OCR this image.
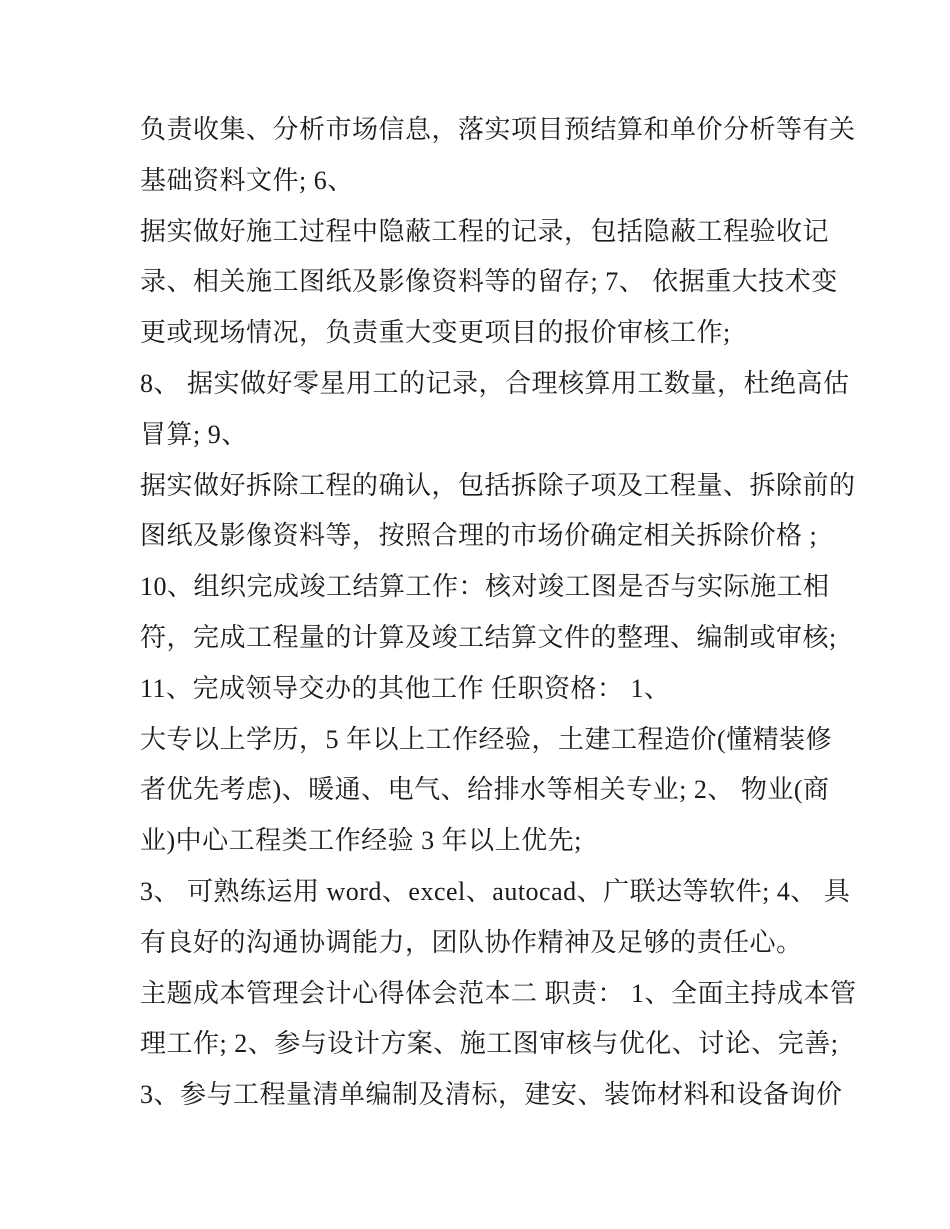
负责收集、分析市场信息，落实项目预结算和单价分析等有关
基础资料文件; 6、
据实做好施工过程中隐蔽工程的记录，包括隐蔽工程验收记
录、相关施工图纸及影像资料等的留存; 7、 依据重大技术变
更或现场情况，负责重大变更项目的报价审核工作;
8、 据实做好零星用工的记录，合理核算用工数量，杜绝高估
冒算; 9、
据实做好拆除工程的确认，包括拆除子项及工程量、拆除前的
图纸及影像资料等，按照合理的市场价确定相关拆除价格 ;
10、组织完成竣工结算工作：核对竣工图是否与实际施工相
符，完成工程量的计算及竣工结算文件的整理、编制或审核;
11、完成领导交办的其他工作 任职资格： 1、
大专以上学历，5 年以上工作经验，土建工程造价(懂精装修
者优先考虑)、暖通、电气、给排水等相关专业; 2、 物业(商
业)中心工程类工作经验 3 年以上优先;
3、 可熟练运用 word、excel、autocad、广联达等软件; 4、 具
有良好的沟通协调能力，团队协作精神及足够的责任心。
主题成本管理会计心得体会范本二 职责： 1、全面主持成本管
理工作; 2、参与设计方案、施工图审核与优化、讨论、完善;
3、参与工程量清单编制及清标，建安、装饰材料和设备询价
